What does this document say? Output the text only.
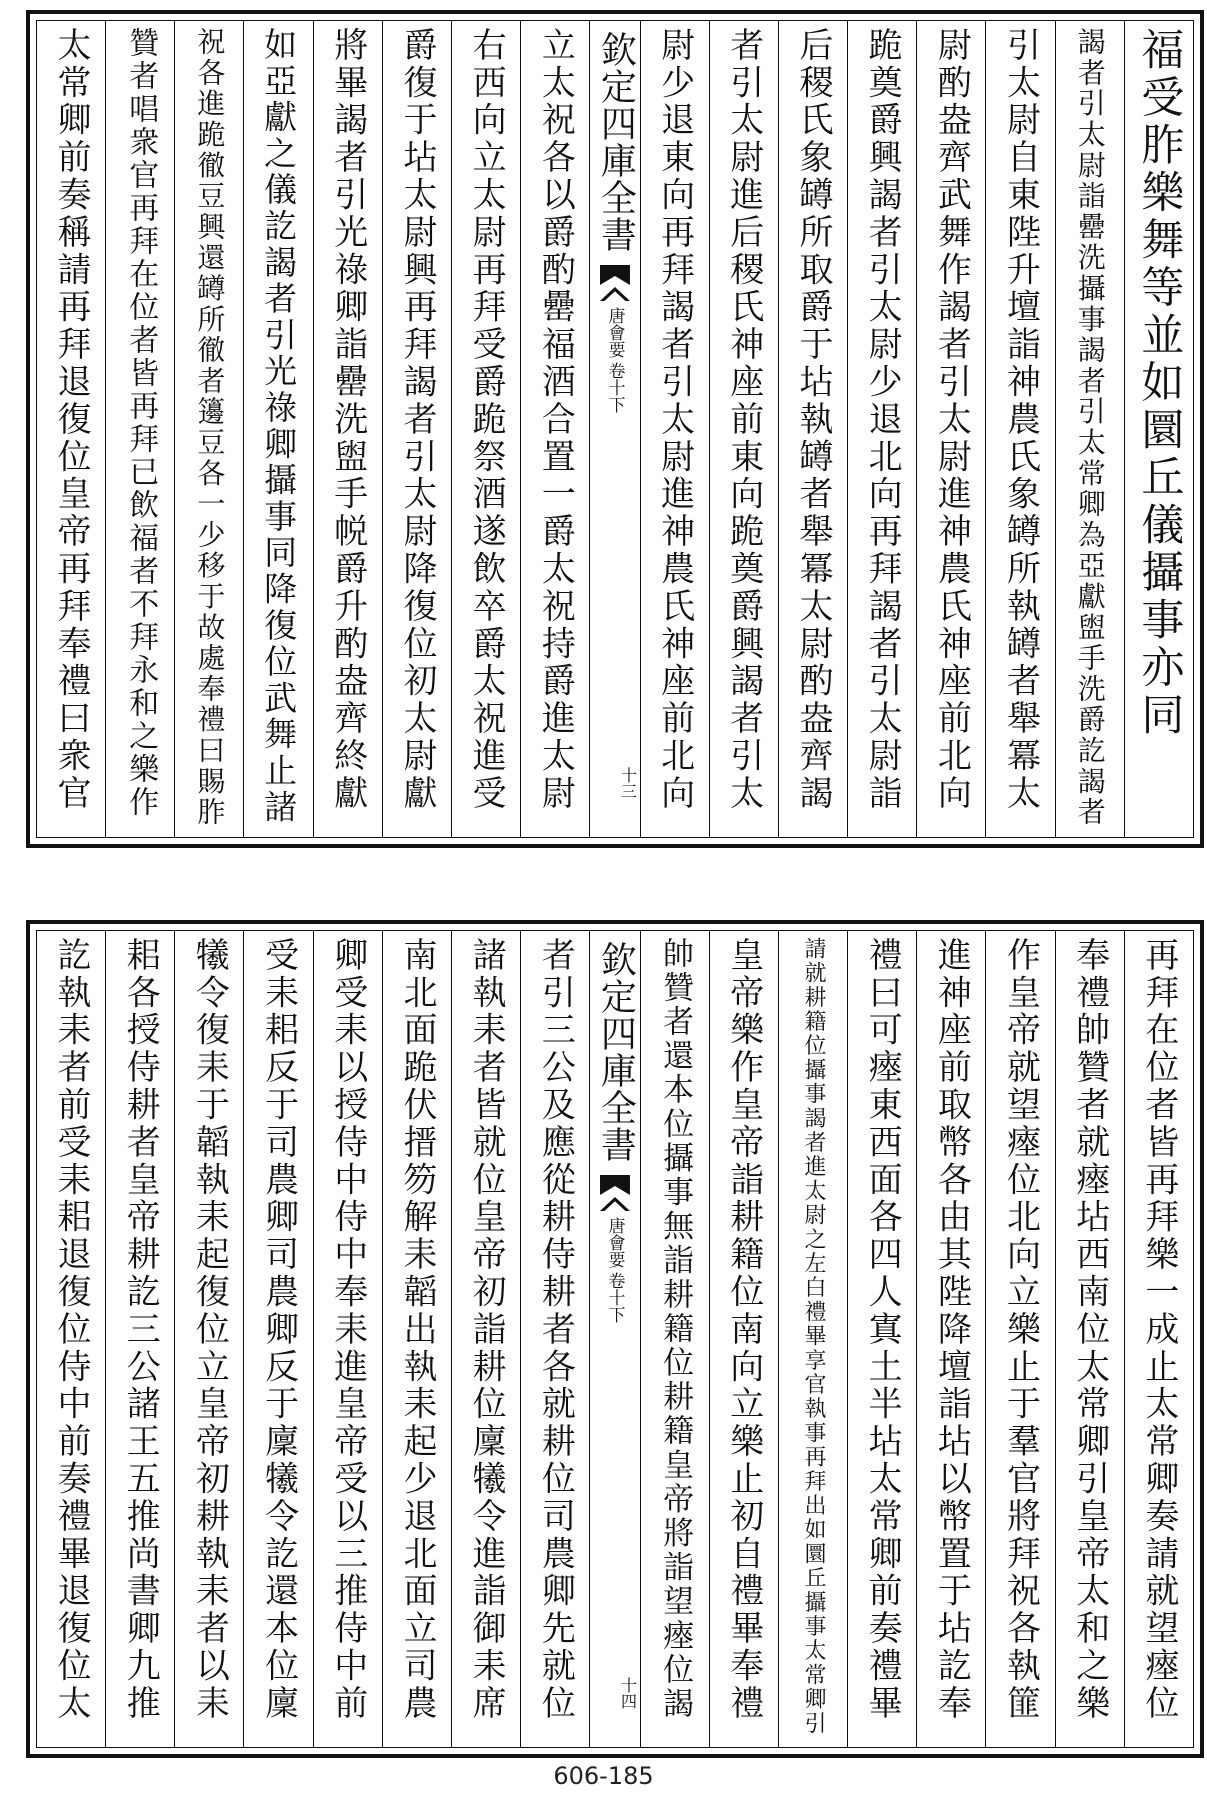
福受胙樂舞等並如圜丘儀攝事亦同
謁者引太尉詣罍洗攝事謁者引太常卿為亞獻盥手洗爵訖謁者
引太尉自東陛升壇詣神農氏象罇所執罇者舉冪太
尉酌盎齊武舞作謁者引太尉進神農氏神座前北向
跪奠爵興謁者引太尉少退北向再拜謁者引太尉詣
后稷氏象罇所取爵于坫執罇者舉冪太尉酌盎齊謁
者引太尉進后稷氏神座前東向跪奠爵興謁者引太
尉少退東向再拜謁者引太尉進神農氏神座前北向
欽定四庫全書
唐會要
卷十下
十三
立太祝各以爵酌罍福酒合置一爵太祝持爵進太尉
右西向立太尉再拜受爵跪祭酒遂飲卒爵太祝進受
爵復于坫太尉興再拜謁者引太尉降復位初太尉獻
將畢謁者引光祿卿詣罍洗盥手帨爵升酌盎齊終獻
如亞獻之儀訖謁者引光祿卿攝事同降復位武舞止諸
祝各進跪徹豆興還罇所徹者籩豆各一少移于故處奉禮曰賜胙
贊者唱衆官再拜在位者皆再拜已飲福者不拜永和之樂作
太常卿前奏稱請再拜退復位皇帝再拜奉禮曰衆官
再拜在位者皆再拜樂一成止太常卿奏請就望瘞位
奉禮帥贊者就瘞坫西南位太常卿引皇帝太和之樂
作皇帝就望瘞位北向立樂止于羣官將拜祝各執篚
進神座前取幣各由其陛降壇詣坫以幣置于坫訖奉
禮曰可瘞東西面各四人寘土半坫太常卿前奏禮畢
請就耕籍位攝事謁者進太尉之左白禮畢享官執事再拜出如圜丘攝事太常卿引
皇帝樂作皇帝詣耕籍位南向立樂止初自禮畢奉禮
帥贊者還本位攝事無詣耕籍位耕籍皇帝將詣望瘞位謁
欽定四庫全書
唐會要
卷十下
十四
者引三公及應從耕侍耕者各就耕位司農卿先就位
諸執耒者皆就位皇帝初詣耕位廩犧令進詣御耒席
南北面跪伏搢笏解耒韜出執耒起少退北面立司農
卿受耒以授侍中侍中奉耒進皇帝受以三推侍中前
受耒耜反于司農卿司農卿反于廩犧令訖還本位廩
犧令復耒于韜執耒起復位立皇帝初耕執耒者以耒
耜各授侍耕者皇帝耕訖三公諸王五推尚書卿九推
訖執耒者前受耒耜退復位侍中前奏禮畢退復位太
606-185
